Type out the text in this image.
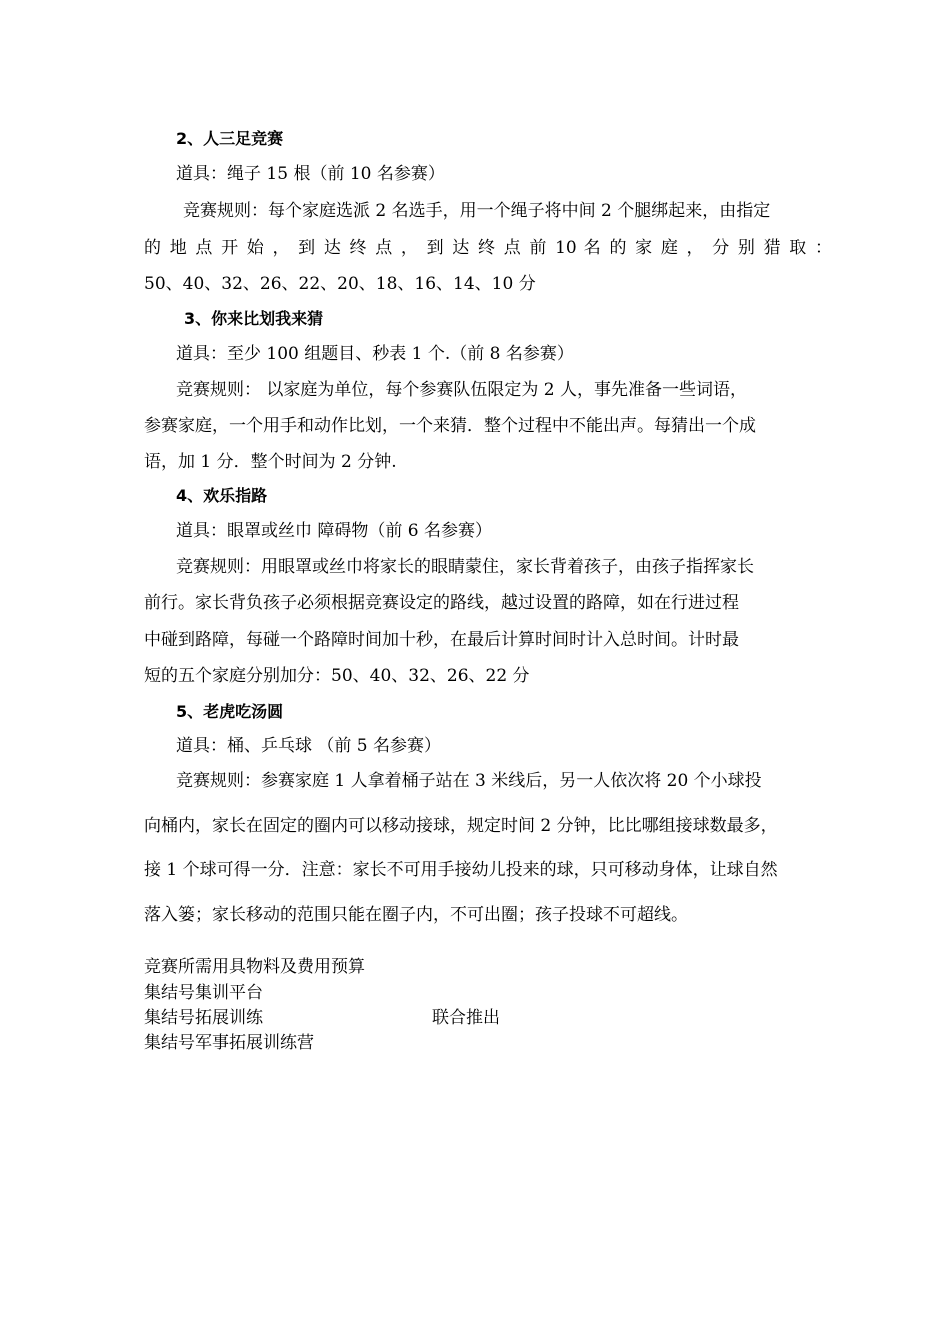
2、人三足竞赛
道具：绳子 15 根（前 10 名参赛）
竞赛规则：每个家庭选派 2 名选手，用一个绳子将中间 2 个腿绑起来，由指定
的 地 点 开 始 ， 到 达 终 点 ， 到 达 终 点 前 10 名 的 家 庭 ， 分 别 猎 取 ：
50、40、32、26、22、20、18、16、14、10 分
3、你来比划我来猜
道具：至少 100 组题目、秒表 1 个.（前 8 名参赛）
竞赛规则： 以家庭为单位，每个参赛队伍限定为 2 人，事先准备一些词语，
参赛家庭，一个用手和动作比划，一个来猜．整个过程中不能出声。每猜出一个成
语，加 1 分．整个时间为 2 分钟.
4、欢乐指路
道具：眼罩或丝巾 障碍物（前 6 名参赛）
竞赛规则：用眼罩或丝巾将家长的眼睛蒙住，家长背着孩子，由孩子指挥家长
前行。家长背负孩子必须根据竞赛设定的路线，越过设置的路障，如在行进过程
中碰到路障，每碰一个路障时间加十秒，在最后计算时间时计入总时间。计时最
短的五个家庭分别加分：50、40、32、26、22 分
5、老虎吃汤圆
道具：桶、乒乓球 （前 5 名参赛）
竞赛规则：参赛家庭 1 人拿着桶子站在 3 米线后，另一人依次将 20 个小球投
向桶内，家长在固定的圈内可以移动接球，规定时间 2 分钟，比比哪组接球数最多，
接 1 个球可得一分．注意：家长不可用手接幼儿投来的球，只可移动身体，让球自然
落入篓；家长移动的范围只能在圈子内，不可出圈；孩子投球不可超线。
竞赛所需用具物料及费用预算
集结号集训平台
集结号拓展训练	联合推出
集结号军事拓展训练营
